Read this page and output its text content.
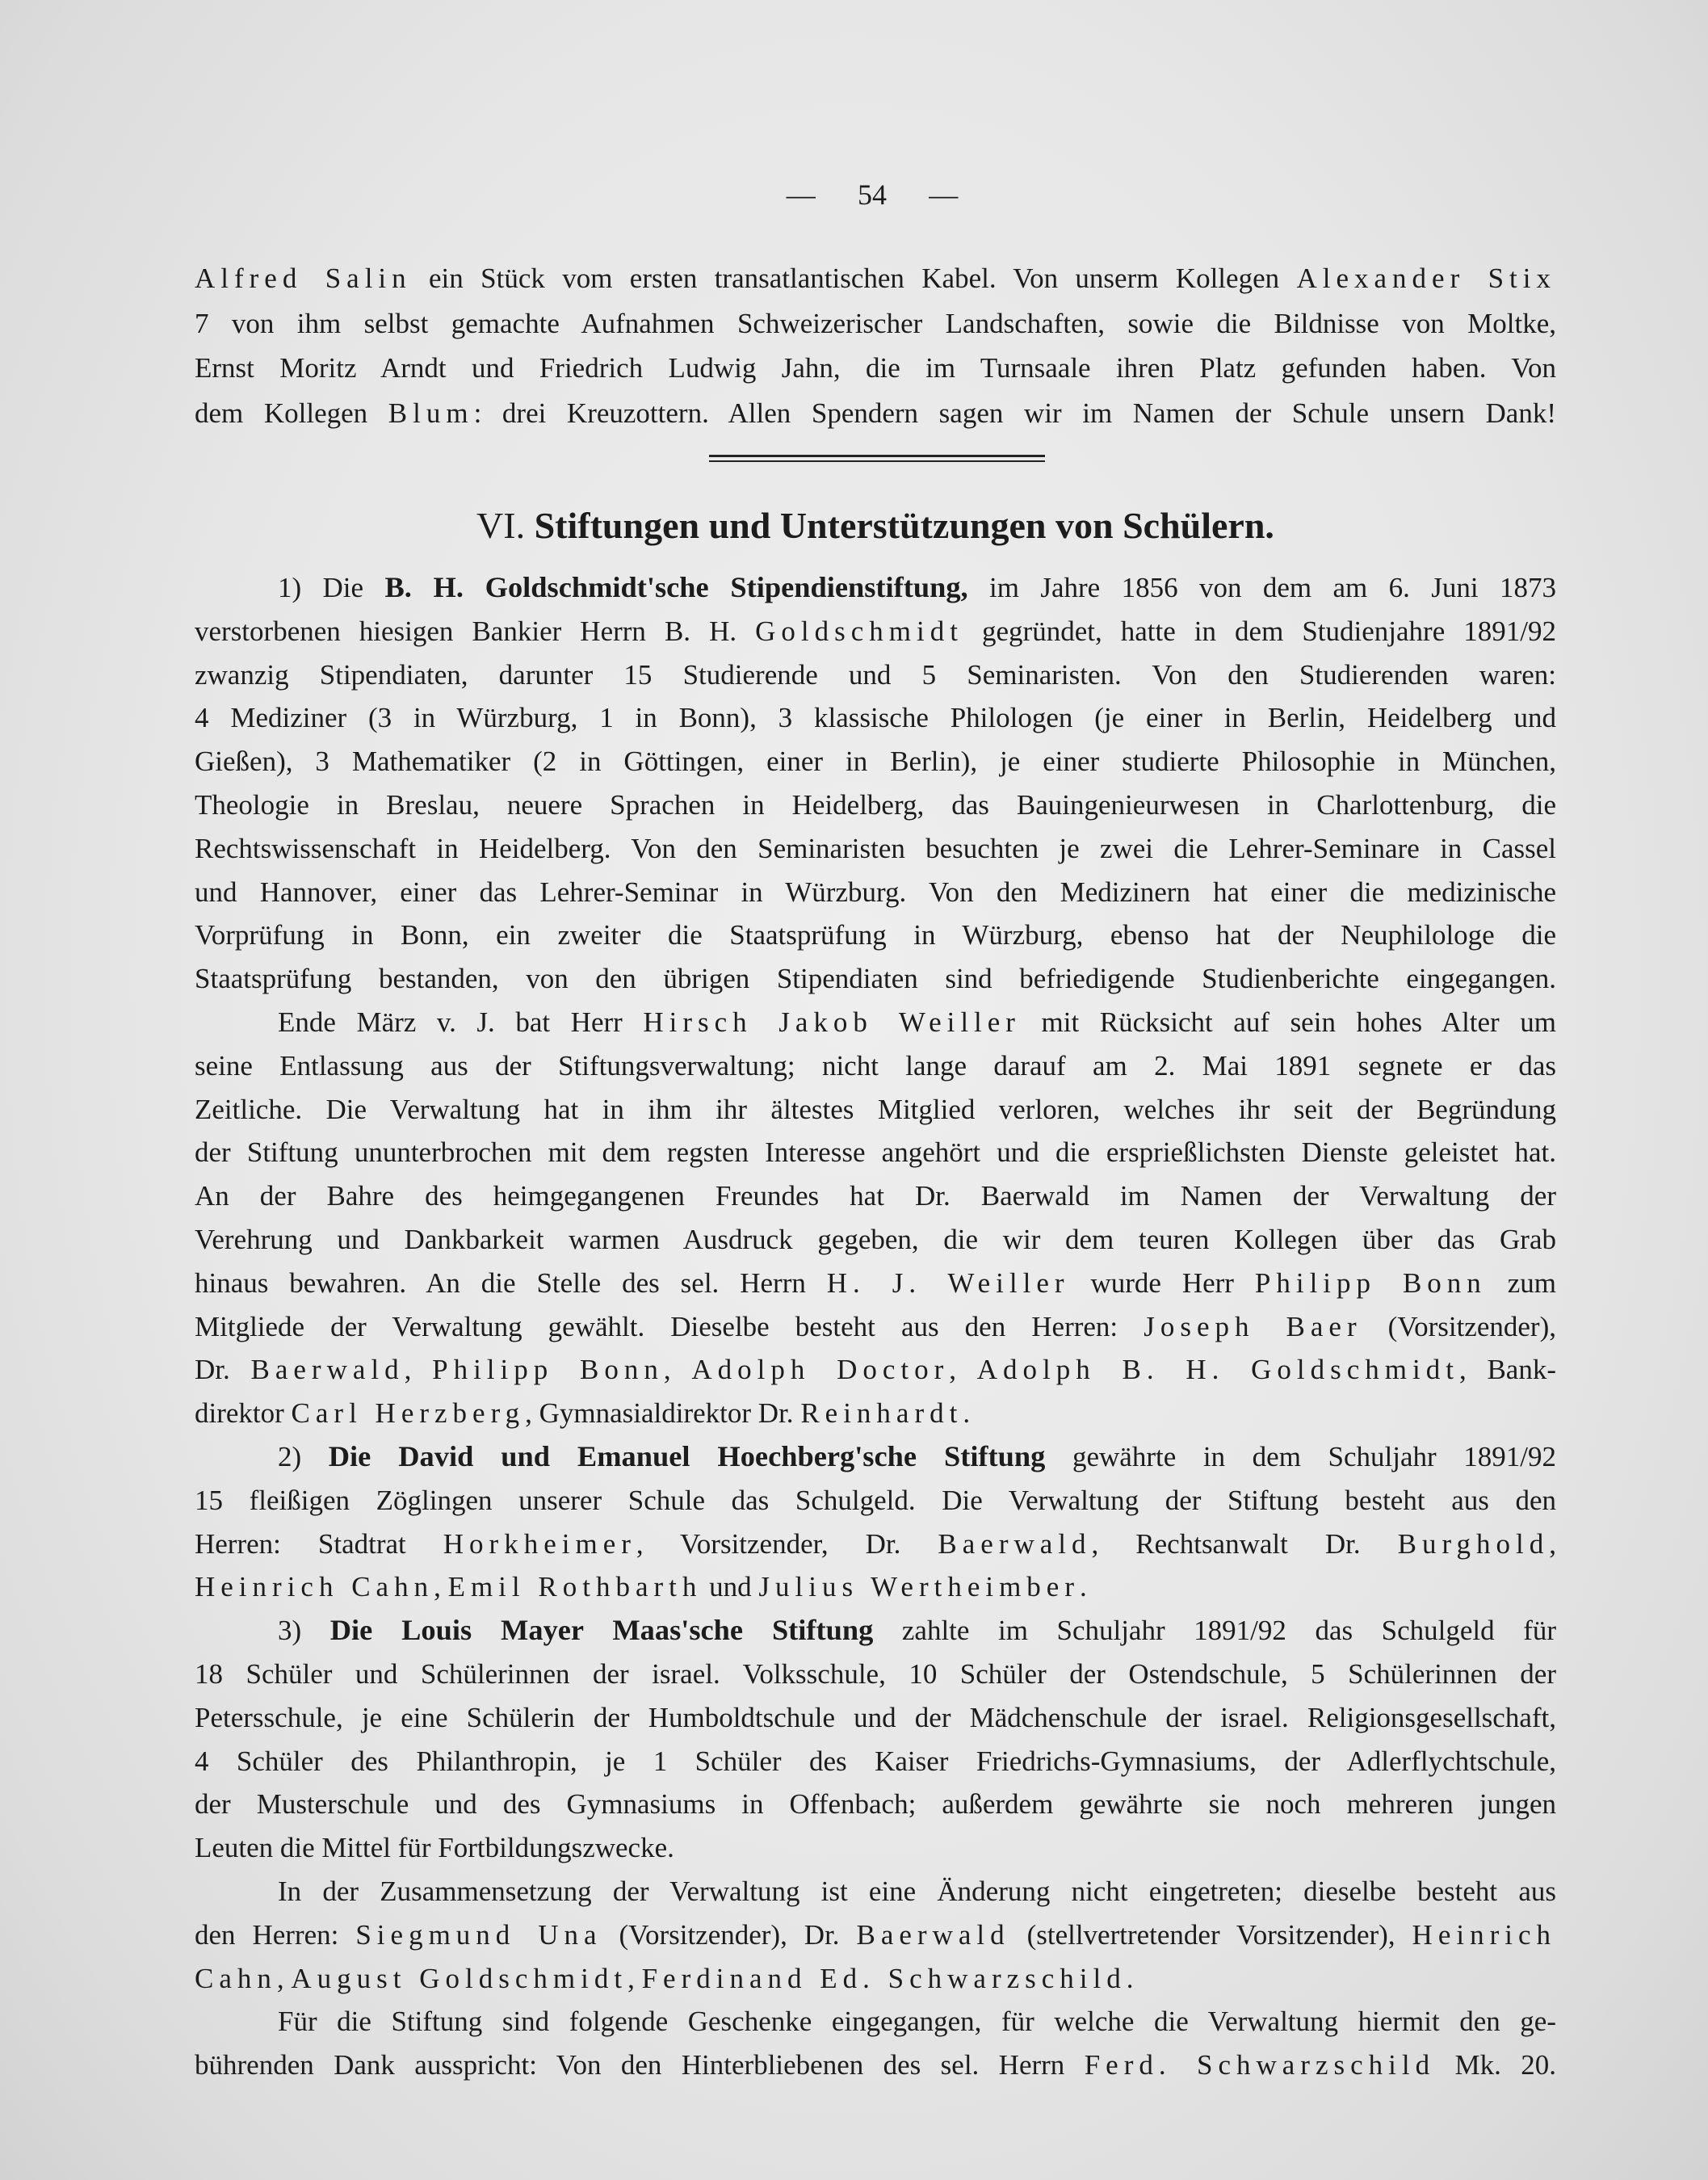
— 54 —
Alfred Salin ein Stück vom ersten transatlantischen Kabel. Von unserm Kollegen Alexander Stix
7 von ihm selbst gemachte Aufnahmen Schweizerischer Landschaften, sowie die Bildnisse von Moltke,
Ernst Moritz Arndt und Friedrich Ludwig Jahn, die im Turnsaale ihren Platz gefunden haben. Von
dem Kollegen Blum: drei Kreuzottern. Allen Spendern sagen wir im Namen der Schule unsern Dank!
VI. Stiftungen und Unterstützungen von Schülern.
1) Die B. H. Goldschmidt'sche Stipendienstiftung, im Jahre 1856 von dem am 6. Juni 1873
verstorbenen hiesigen Bankier Herrn B. H. Goldschmidt gegründet, hatte in dem Studienjahre 1891/92
zwanzig Stipendiaten, darunter 15 Studierende und 5 Seminaristen. Von den Studierenden waren:
4 Mediziner (3 in Würzburg, 1 in Bonn), 3 klassische Philologen (je einer in Berlin, Heidelberg und
Gießen), 3 Mathematiker (2 in Göttingen, einer in Berlin), je einer studierte Philosophie in München,
Theologie in Breslau, neuere Sprachen in Heidelberg, das Bauingenieurwesen in Charlottenburg, die
Rechtswissenschaft in Heidelberg. Von den Seminaristen besuchten je zwei die Lehrer-Seminare in Cassel
und Hannover, einer das Lehrer-Seminar in Würzburg. Von den Medizinern hat einer die medizinische
Vorprüfung in Bonn, ein zweiter die Staatsprüfung in Würzburg, ebenso hat der Neuphilologe die
Staatsprüfung bestanden, von den übrigen Stipendiaten sind befriedigende Studienberichte eingegangen.
Ende März v. J. bat Herr Hirsch Jakob Weiller mit Rücksicht auf sein hohes Alter um
seine Entlassung aus der Stiftungsverwaltung; nicht lange darauf am 2. Mai 1891 segnete er das
Zeitliche. Die Verwaltung hat in ihm ihr ältestes Mitglied verloren, welches ihr seit der Begründung
der Stiftung ununterbrochen mit dem regsten Interesse angehört und die ersprießlichsten Dienste geleistet hat.
An der Bahre des heimgegangenen Freundes hat Dr. Baerwald im Namen der Verwaltung der
Verehrung und Dankbarkeit warmen Ausdruck gegeben, die wir dem teuren Kollegen über das Grab
hinaus bewahren. An die Stelle des sel. Herrn H. J. Weiller wurde Herr Philipp Bonn zum
Mitgliede der Verwaltung gewählt. Dieselbe besteht aus den Herren: Joseph Baer (Vorsitzender),
Dr. Baerwald, Philipp Bonn, Adolph Doctor, Adolph B. H. Goldschmidt, Bank-
direktor Carl Herzberg, Gymnasialdirektor Dr. Reinhardt.
2) Die David und Emanuel Hoechberg'sche Stiftung gewährte in dem Schuljahr 1891/92
15 fleißigen Zöglingen unserer Schule das Schulgeld. Die Verwaltung der Stiftung besteht aus den
Herren: Stadtrat Horkheimer, Vorsitzender, Dr. Baerwald, Rechtsanwalt Dr. Burghold,
Heinrich Cahn, Emil Rothbarth und Julius Wertheimber.
3) Die Louis Mayer Maas'sche Stiftung zahlte im Schuljahr 1891/92 das Schulgeld für
18 Schüler und Schülerinnen der israel. Volksschule, 10 Schüler der Ostendschule, 5 Schülerinnen der
Petersschule, je eine Schülerin der Humboldtschule und der Mädchenschule der israel. Religionsgesellschaft,
4 Schüler des Philanthropin, je 1 Schüler des Kaiser Friedrichs-Gymnasiums, der Adlerflychtschule,
der Musterschule und des Gymnasiums in Offenbach; außerdem gewährte sie noch mehreren jungen
Leuten die Mittel für Fortbildungszwecke.
In der Zusammensetzung der Verwaltung ist eine Änderung nicht eingetreten; dieselbe besteht aus
den Herren: Siegmund Una (Vorsitzender), Dr. Baerwald (stellvertretender Vorsitzender), Heinrich
Cahn, August Goldschmidt, Ferdinand Ed. Schwarzschild.
Für die Stiftung sind folgende Geschenke eingegangen, für welche die Verwaltung hiermit den ge-
bührenden Dank ausspricht: Von den Hinterbliebenen des sel. Herrn Ferd. Schwarzschild Mk. 20.
